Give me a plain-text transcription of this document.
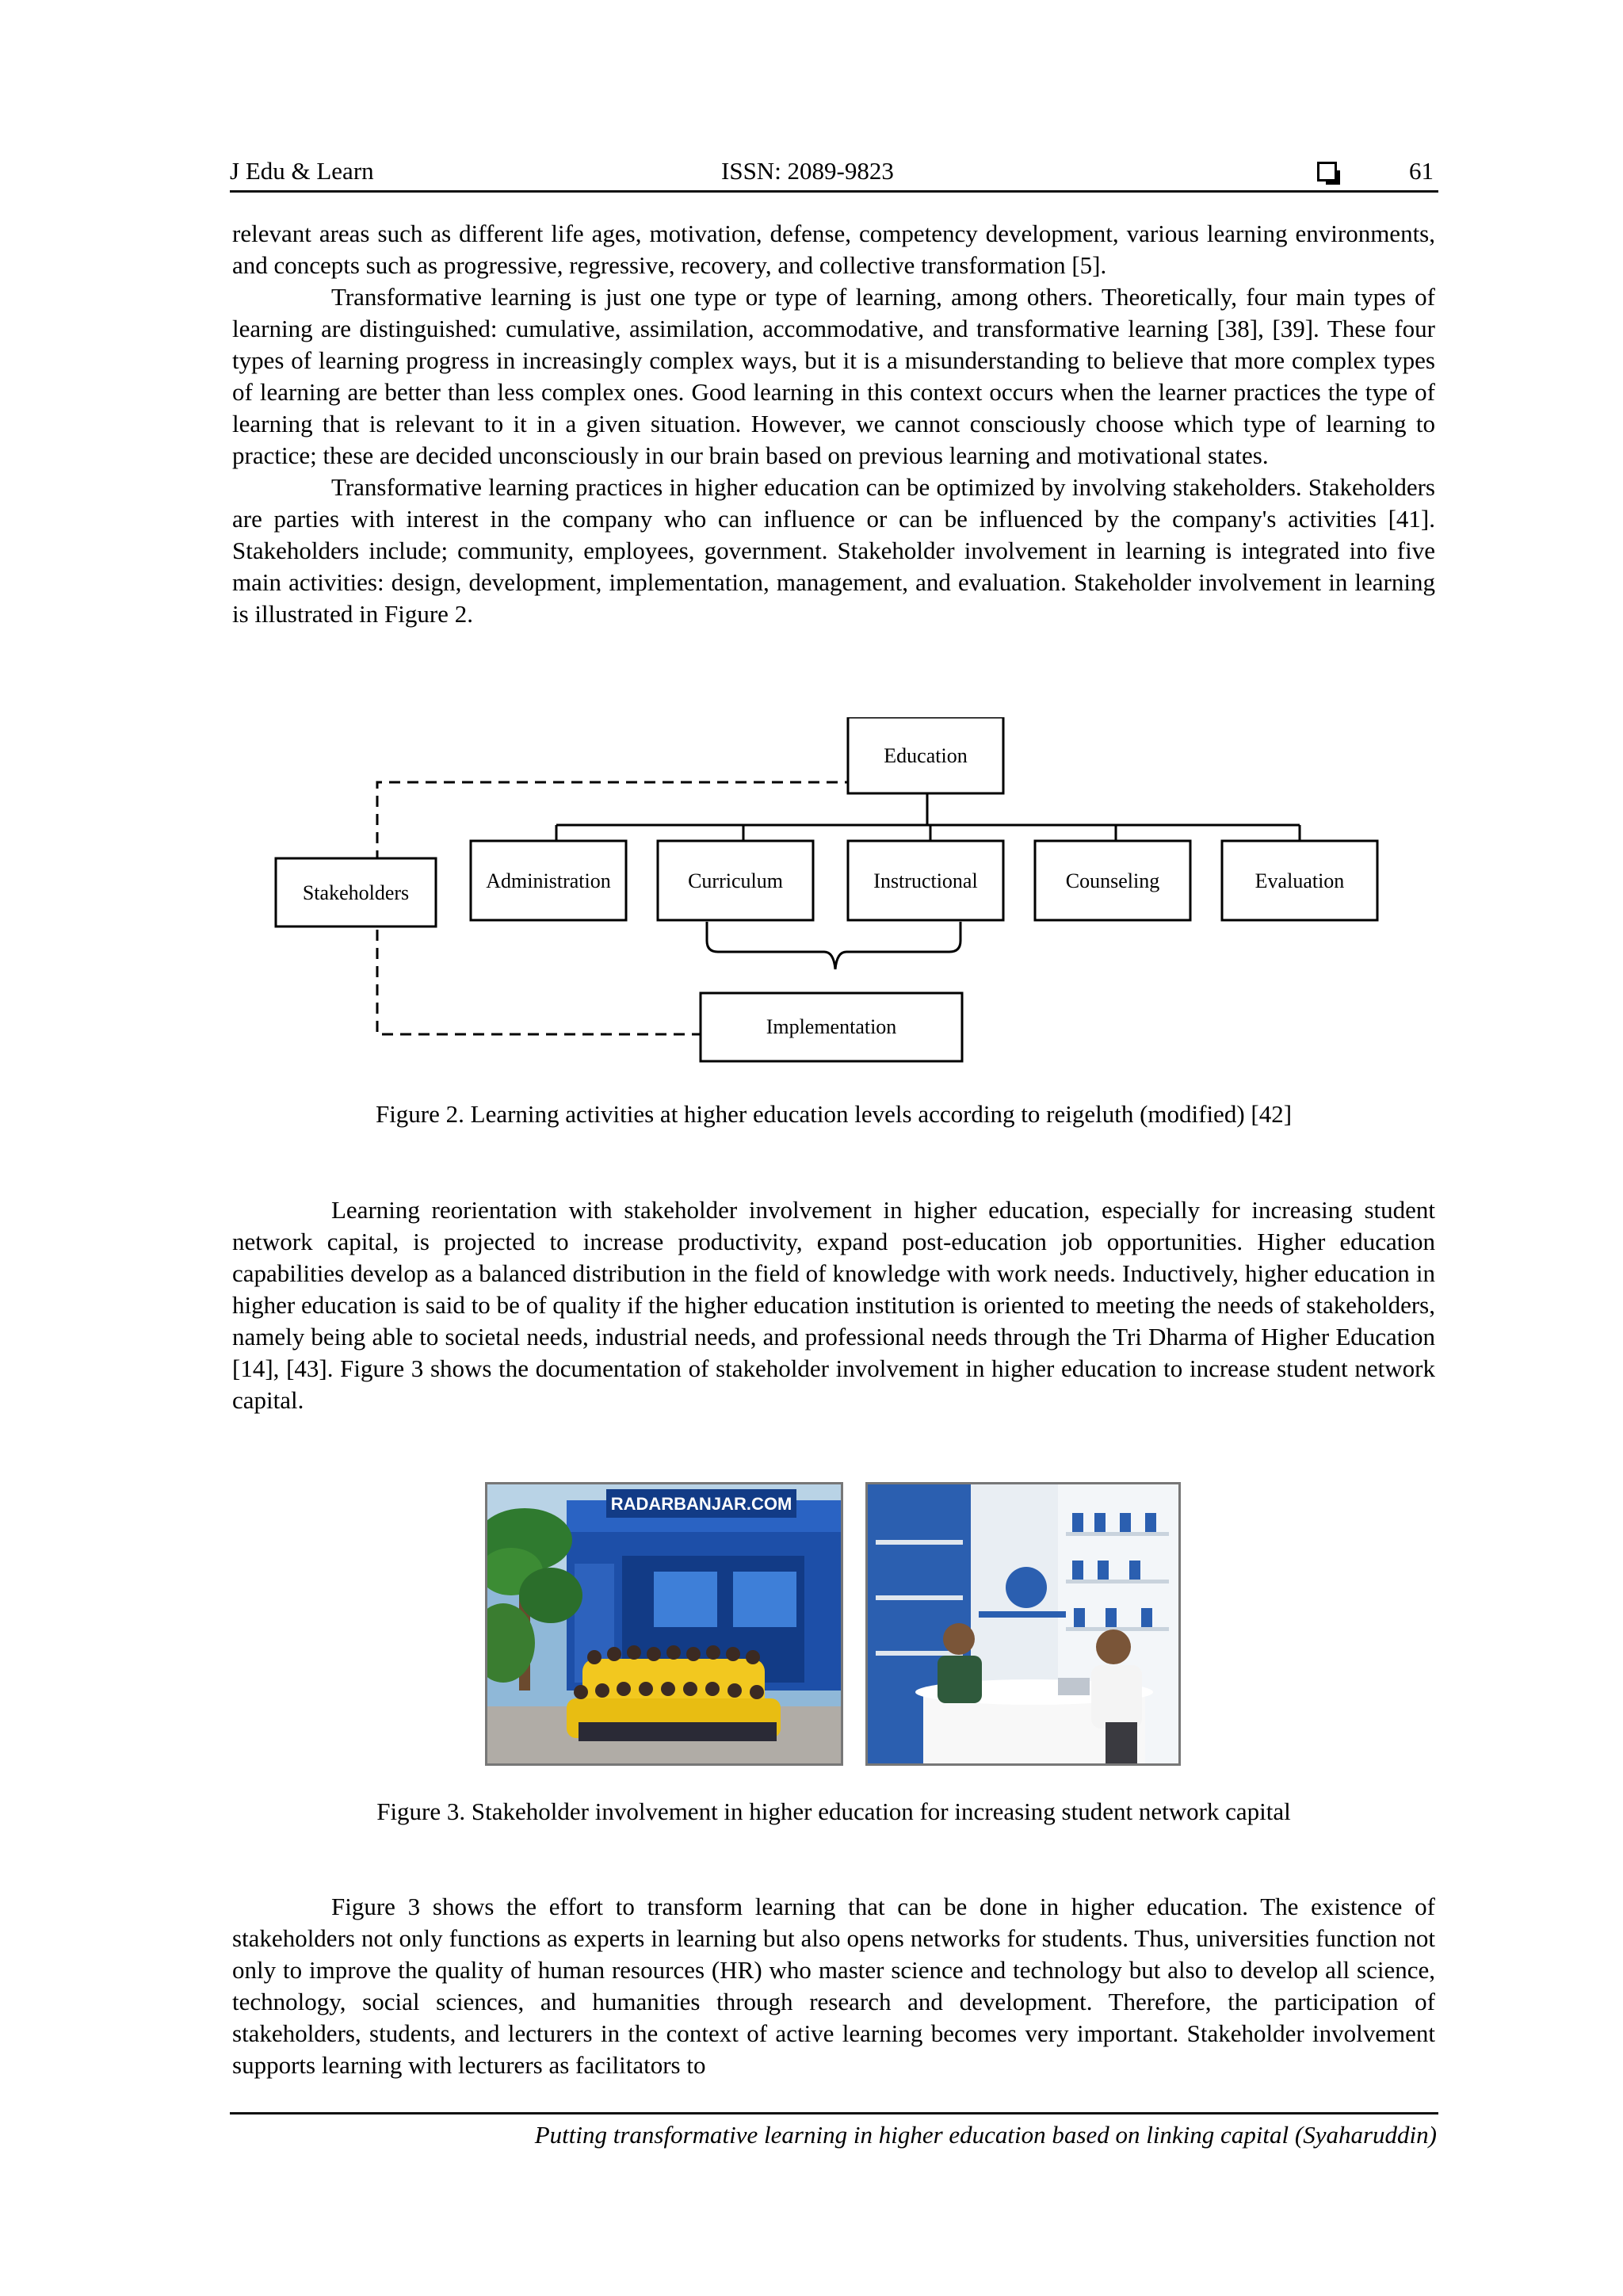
J Edu & Learn	ISSN: 2089-9823	61

relevant areas such as different life ages, motivation, defense, competency development, various learning environments, and concepts such as progressive, regressive, recovery, and collective transformation [5].

Transformative learning is just one type or type of learning, among others. Theoretically, four main types of learning are distinguished: cumulative, assimilation, accommodative, and transformative learning [38], [39]. These four types of learning progress in increasingly complex ways, but it is a misunderstanding to believe that more complex types of learning are better than less complex ones. Good learning in this context occurs when the learner practices the type of learning that is relevant to it in a given situation. However, we cannot consciously choose which type of learning to practice; these are decided unconsciously in our brain based on previous learning and motivational states.

Transformative learning practices in higher education can be optimized by involving stakeholders. Stakeholders are parties with interest in the company who can influence or can be influenced by the company's activities [41]. Stakeholders include; community, employees, government. Stakeholder involvement in learning is integrated into five main activities: design, development, implementation, management, and evaluation. Stakeholder involvement in learning is illustrated in Figure 2.

Education
Stakeholders
Administration	Curriculum	Instructional	Counseling	Evaluation
Implementation
Figure 2. Learning activities at higher education levels according to reigeluth (modified) [42]

Learning reorientation with stakeholder involvement in higher education, especially for increasing student network capital, is projected to increase productivity, expand post-education job opportunities. Higher education capabilities develop as a balanced distribution in the field of knowledge with work needs. Inductively, higher education in higher education is said to be of quality if the higher education institution is oriented to meeting the needs of stakeholders, namely being able to societal needs, industrial needs, and professional needs through the Tri Dharma of Higher Education [14], [43]. Figure 3 shows the documentation of stakeholder involvement in higher education to increase student network capital.

RADARBANJAR.COM
Figure 3. Stakeholder involvement in higher education for increasing student network capital

Figure 3 shows the effort to transform learning that can be done in higher education. The existence of stakeholders not only functions as experts in learning but also opens networks for students. Thus, universities function not only to improve the quality of human resources (HR) who master science and technology but also to develop all science, technology, social sciences, and humanities through research and development. Therefore, the participation of stakeholders, students, and lecturers in the context of active learning becomes very important. Stakeholder involvement supports learning with lecturers as facilitators to

Putting transformative learning in higher education based on linking capital (Syaharuddin)
